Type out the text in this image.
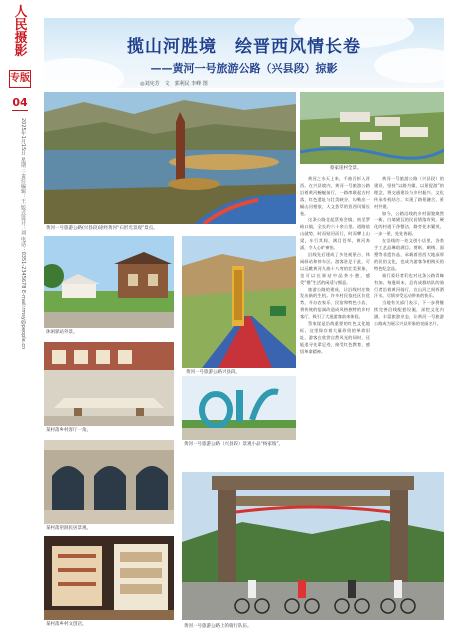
人
民
摄
影
专版
04
2025年1月15日 星期三 责任编辑：王 版式设计：刘 电话：0351-2345678 E-mail:rmsy@people.cn
揽山河胜境　绘晋西风情长卷
——黄河一号旅游公路（兴县段）掠影
◎刘宪芳　文　郭利民 李峰 图
黄河一号旅游公路(兴县段)途经黄河“石形光景观”景点。
蔡家崖村全景。
休闲驿站外景。
黄河一号旅游公路兴县段。
某村落乡村客厅一角。
黄河一号旅游公路（兴县段）景观小品“杨家坡”。
某村落窑洞民居景观。
某村落乡村文创店。	黄河一号旅游公路上的骑行队伍。

黄河之水天上来，千曲百折入晋西。在兴县境内，黄河一号旅游公路沿着黄河蜿蜒前行，一路串联起古村落、红色遗址与壮美峡谷，勾勒出一幅山河相依、人文荟萃的晋西风情长卷。

这条公路北起蔡家会镇，南至罗峪口镇，全长约六十余公里。道路依山就势，时而贴河而行，时而攀上山梁，车行其间，满目苍翠，黄河奔涌，令人心旷神怡。

沿线先后建成了多处观景台、休闲驿站和停车区。游客驻足于此，可以远眺黄河九曲十八弯的壮美景象，也可以在驿站中品茶小憩，感受“慢”生活的闲适与惬意。

旅游公路的建成，让沿线村庄焕发出新的生机。许多村民依托区位优势，开办农家乐、民宿和特色小店，将传统的窑洞改造成风格独特的乡村客厅，吸引了大批游客前来体验。

蔡家崖是沿线重要的红色文化地标。这里保存着大量珍贵的革命旧址，游客在欣赏自然风光的同时，还能追寻先辈足迹，接受红色教育，感悟革命精神。

黄河一号旅游公路（兴县段）的建设，坚持“以路为媒、以景促游”的理念，将交通建设与乡村振兴、文化传承有机结合，实现了路景融合、景村共建。

如今，公路沿线的乡村面貌焕然一新。白墙黛瓦的民居错落有致，硬化的村道干净整洁，路旁花木繁茂，一步一景，处处皆画。

在沿线的一处文创小店里，各类手工艺品琳琅满目。剪纸、刺绣、面塑等非遗作品，承载着晋西大地深厚的民俗文化，也成为游客争相购买的特色纪念品。

骑行爱好者们也对这条公路青睐有加。每逢周末，总有成群结队的骑行者沿着黄河骑行，在山河之间挥洒汗水，尽情享受运动带来的快乐。

当地有关部门表示，下一步将继续完善沿线配套设施，深挖文化内涵，丰富旅游业态，让黄河一号旅游公路成为展示兴县形象的亮丽名片。
